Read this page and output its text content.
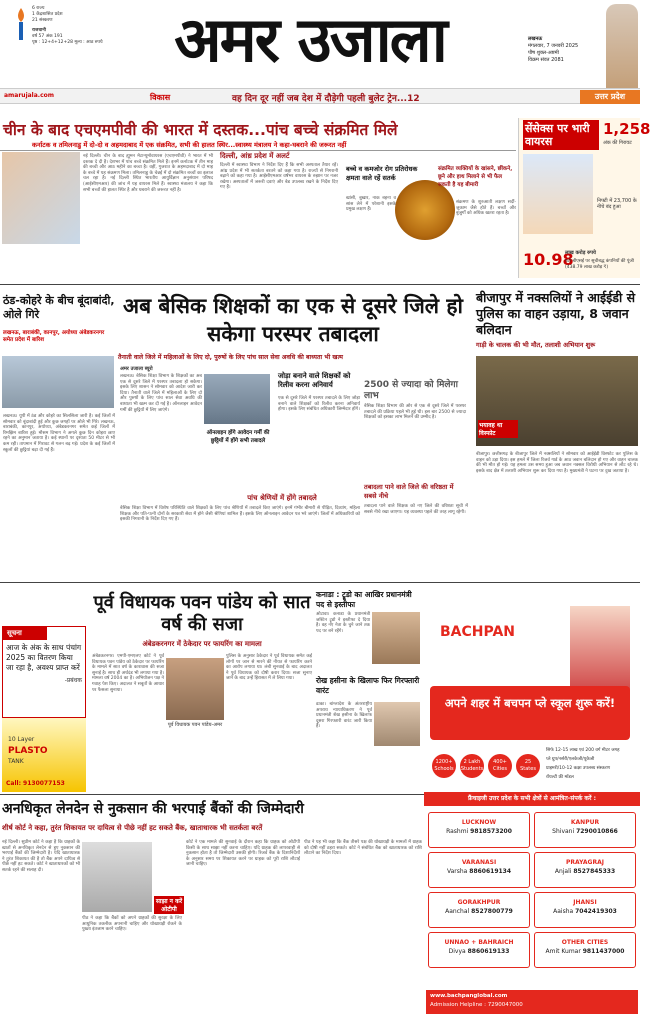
6 राज्य
1 केंद्रशासित प्रदेश
21 संस्करण
राजधानी
वर्ष 57 अंक 191
पृष्ठ : 12+4+12+28 मूल्य : आठ रुपये	अमर उजाला	लखनऊ
मंगलवार, 7 जनवरी 2025
पौष शुक्ल-अष्टमी
विक्रम संवत 2081
amarujala.com	विकास	वह दिन दूर नहीं जब देश में दौड़ेगी पहली बुलेट ट्रेन...12	उत्तर प्रदेश
चीन के बाद एचएमपीवी की भारत में दस्तक...पांच बच्चे संक्रमित मिले
कर्नाटक व तमिलनाडु में दो-दो व अहमदाबाद में एक संक्रमित, सभी की हालत स्थिर...स्वास्थ्य मंत्रालय ने कहा-घबराने की जरूरत नहीं
नई दिल्ली। चीन के बाद ह्यूमन मेटान्यूमोवायरस (एचएमपीवी) ने भारत में भी दस्तक दे दी है। देशभर में पांच बच्चे संक्रमित मिले हैं। इनमें कर्नाटक में तीन माह की बच्ची और आठ महीने का बच्चा है। वहीं, गुजरात के अहमदाबाद में दो माह के बच्चे में यह संक्रमण मिला। तमिलनाडु के चेन्नई में दो संक्रमित बच्चों का इलाज चल रहा है। नई दिल्ली स्थित भारतीय आयुर्विज्ञान अनुसंधान परिषद (आईसीएमआर) की जांच में यह वायरस मिले हैं। स्वास्थ्य मंत्रालय ने कहा कि सभी बच्चों की हालत स्थिर है और घबराने की जरूरत नहीं है।
दिल्ली, आंध्र प्रदेश में अलर्ट
दिल्ली में स्वास्थ्य विभाग ने निर्देश दिए हैं कि सभी अस्पताल तैयार रहें। आंध्र प्रदेश में भी सतर्कता बरतने को कहा गया है। राज्यों से निगरानी बढ़ाने को कहा गया है। आईसीएमआर वर्षभर वायरस के रुझान पर नजर रखेगा। अस्पतालों में जरूरी दवाएं और बेड उपलब्ध रखने के निर्देश दिए गए हैं।
बच्चे व कमजोर रोग प्रतिरोधक क्षमता वाले रहें सतर्क
संक्रमित व्यक्तियों के खांसने, छींकने, छूने और हाथ मिलाने से भी फैल सकती है यह बीमारी
खांसी, बुखार, नाक बहना व सांस लेने में परेशानी इसके प्रमुख लक्षण हैं।
संक्रमण के शुरुआती लक्षण सर्दी-जुकाम जैसे होते हैं। बच्चों और बुजुर्गों को अधिक खतरा रहता है।
सेंसेक्स पर भारी वायरस
1,258
अंक की गिरावट
निफ्टी में 23,700 के नीचे बंद हुआ
10.98
लाख करोड़ रुपये
घटी बीएसई पर सूचीबद्ध कंपनियों की पूंजी (438.79 लाख करोड़ ₹)
ठंड-कोहरे के बीच बूंदाबांदी, ओले गिरे
लखनऊ, बाराबंकी, कानपुर, अयोध्या अंबेडकरनगर समेत प्रदेश में बारिश
लखनऊ। यूपी में ठंड और कोहरे का सिलसिला जारी है। कई जिलों में सोमवार को बूंदाबांदी हुई और कुछ जगहों पर ओले भी गिरे। लखनऊ, बाराबंकी, कानपुर, अयोध्या, अंबेडकरनगर समेत कई जिलों में रिमझिम बारिश हुई। मौसम विभाग ने अगले कुछ दिन कोहरा छाए रहने का अनुमान जताया है। कई स्थानों पर दृश्यता 50 मीटर से भी कम रही। तापमान में गिरावट से गलन बढ़ गई। प्रदेश के कई जिलों में स्कूलों की छुट्टियां बढ़ा दी गई हैं।
अब बेसिक शिक्षकों का एक से दूसरे जिले हो सकेगा परस्पर तबादला
तैनाती वाले जिले में महिलाओं के लिए दो, पुरुषों के लिए पांच साल सेवा अवधि की बाध्यता भी खत्म
अमर उजाला ब्यूरो
लखनऊ। बेसिक शिक्षा विभाग के शिक्षकों का अब एक से दूसरे जिले में परस्पर तबादला हो सकेगा। इसके लिए शासन ने सोमवार को आदेश जारी कर दिया। तैनाती वाले जिले में महिलाओं के लिए दो और पुरुषों के लिए पांच साल सेवा अवधि की बाध्यता भी खत्म कर दी गई है। ऑनलाइन आवेदन गर्मी की छुट्टियों में लिए जाएंगे।
ऑनलाइन होंगे आवेदन गर्मी की छुट्टियों में होंगे सभी तबादले
जोड़ा बनाने वाले शिक्षकों को रिलीव करना अनिवार्य
एक से दूसरे जिले में परस्पर तबादले के लिए जोड़ा बनाने वाले शिक्षकों को रिलीव करना अनिवार्य होगा। इसके लिए संबंधित अधिकारी जिम्मेदार होंगे।
2500 से ज्यादा को मिलेगा लाभ
बेसिक शिक्षा विभाग की ओर से एक से दूसरे जिले में परस्पर तबादले की प्रक्रिया पहले भी हुई थी। इस बार 2500 से ज्यादा शिक्षकों को इसका लाभ मिलने की उम्मीद है।
तबादला पाने वाले जिले की वरिष्ठता में सबसे नीचे
तबादला पाने वाले शिक्षक को नए जिले की वरिष्ठता सूची में सबसे नीचे रखा जाएगा। यह व्यवस्था पहले की तरह लागू रहेगी।
पांच श्रेणियों में होंगे तबादले
बेसिक शिक्षा विभाग में विशेष परिस्थिति वाले शिक्षकों के लिए पांच श्रेणियों में तबादले किए जाएंगे। इनमें गंभीर बीमारी से पीड़ित, दिव्यांग, महिला शिक्षक और पति-पत्नी दोनों के सरकारी सेवा में होने जैसी श्रेणियां शामिल हैं। इसके लिए ऑनलाइन आवेदन पत्र भरे जाएंगे। जिलों में अधिकारियों को इसकी निगरानी के निर्देश दिए गए हैं।
बीजापुर में नक्सलियों ने आईईडी से पुलिस का वाहन उड़ाया, 8 जवान बलिदान
गाड़ी के चालक की भी मौत, तलाशी अभियान शुरू
भयावह था विस्फोट
बीजापुर। छत्तीसगढ़ के बीजापुर जिले में नक्सलियों ने सोमवार को आईईडी विस्फोट कर पुलिस के वाहन को उड़ा दिया। इस हमले में जिला रिजर्व गार्ड के आठ जवान बलिदान हो गए और वाहन चालक की भी मौत हो गई। यह हमला उस समय हुआ जब जवान नक्सल विरोधी अभियान से लौट रहे थे। इसके बाद क्षेत्र में तलाशी अभियान शुरू कर दिया गया है। मुख्यमंत्री ने घटना पर दुख जताया है।
सूचना
आज के अंक के साथ पंचांग 2025 का वितरण किया जा रहा है, अवश्य प्राप्त करें
-प्रबंधक
10 Layer
PLASTO
TANK
Call: 9130077153
पूर्व विधायक पवन पांडेय को सात वर्ष की सजा
अंबेडकरनगर में ठेकेदार पर फायरिंग का मामला
अंबेडकरनगर। एमपी-एमएलए कोर्ट ने पूर्व विधायक पवन पांडेय को ठेकेदार पर फायरिंग के मामले में सात वर्ष के कारावास की सजा सुनाई है। साथ ही अर्थदंड भी लगाया गया है। मामला वर्ष 2004 का है। अभियोजन पक्ष ने गवाह पेश किए। अदालत ने सबूतों के आधार पर फैसला सुनाया।
पूर्व विधायक पवन पांडेय-अमर
पुलिस के अनुसार ठेकेदार ने पूर्व विधायक समेत कई लोगों पर जान से मारने की नीयत से फायरिंग करने का आरोप लगाया था। लंबी सुनवाई के बाद अदालत ने पूर्व विधायक को दोषी करार दिया। सजा सुनाए जाने के बाद उन्हें हिरासत में ले लिया गया।
कनाडा : ट्रूडो का आखिर प्रधानमंत्री पद से इस्तीफा
ओटावा। कनाडा के प्रधानमंत्री जस्टिन ट्रूडो ने इस्तीफा दे दिया है। वह नए नेता के चुने जाने तक पद पर बने रहेंगे।
रोख हसीना के खिलाफ फिर गिरफ्तारी वारंट
ढाका। बांग्लादेश के अंतरराष्ट्रीय अपराध न्यायाधिकरण ने पूर्व प्रधानमंत्री शेख हसीना के खिलाफ दूसरा गिरफ्तारी वारंट जारी किया है।
BACHPAN
अपने शहर में बचपन प्ले स्कूल शुरू करें!
1200+
Schools
2 Lakh
Students
400+
Cities
25
States
सिर्फ 12-15 लाख एवं 200 वर्ग मीटर जगह
प्ले ग्रुप/नर्सरी/एलकेजी/यूकेजी
प्राइमरी/10-12 कक्षा उपलब्ध संस्करण
रॉयल्टी फ्री मॉडल
फ्रैंचाइजी उत्तर प्रदेश के सभी क्षेत्रों से आमंत्रित-संपर्क करें :
अनधिकृत लेनदेन से नुकसान की भरपाई बैंकों की जिम्मेदारी
शीर्ष कोर्ट ने कहा, तुरंत शिकायत पर दायित्व से पीछे नहीं हट सकते बैंक, खाताधारक भी सतर्कता बरतें
नई दिल्ली। सुप्रीम कोर्ट ने कहा है कि ग्राहकों के खातों से अनधिकृत लेनदेन से हुए नुकसान की भरपाई बैंकों की जिम्मेदारी है। यदि खाताधारक ने तुरंत शिकायत की है तो बैंक अपने दायित्व से पीछे नहीं हट सकते। कोर्ट ने खाताधारकों को भी सतर्क रहने की सलाह दी।
साझा न करें ओटीपी
पीठ ने कहा कि बैंकों को अपने ग्राहकों की सुरक्षा के लिए आधुनिक तकनीक अपनानी चाहिए और धोखाधड़ी रोकने के पुख्ता इंतजाम करने चाहिए।
कोर्ट ने एक मामले की सुनवाई के दौरान कहा कि ग्राहक को ओटीपी किसी के साथ साझा नहीं करना चाहिए। यदि ग्राहक की लापरवाही से नुकसान होता है तो जिम्मेदारी उसकी होगी। रिजर्व बैंक के दिशानिर्देशों के अनुसार समय पर शिकायत करने पर ग्राहक को पूरी राशि लौटाई जानी चाहिए।
पीठ ने यह भी कहा कि बैंक तीसरे पक्ष की धोखाधड़ी के मामलों में ग्राहक को दोषी नहीं ठहरा सकते। कोर्ट ने संबंधित बैंक को खाताधारक को राशि लौटाने का निर्देश दिया।
LUCKNOW
Rashmi 9818573200
KANPUR
Shivani 7290010866
VARANASI
Varsha 8860619134
PRAYAGRAJ
Anjali 8527845333
GORAKHPUR
Aanchal 8527800779
JHANSI
Aaisha 7042419303
UNNAO + BAHRAICH
Divya 8860619133
OTHER CITIES
Amit Kumar 9811437000
www.bachpanglobal.com
Admission Helpline : 7290047000
